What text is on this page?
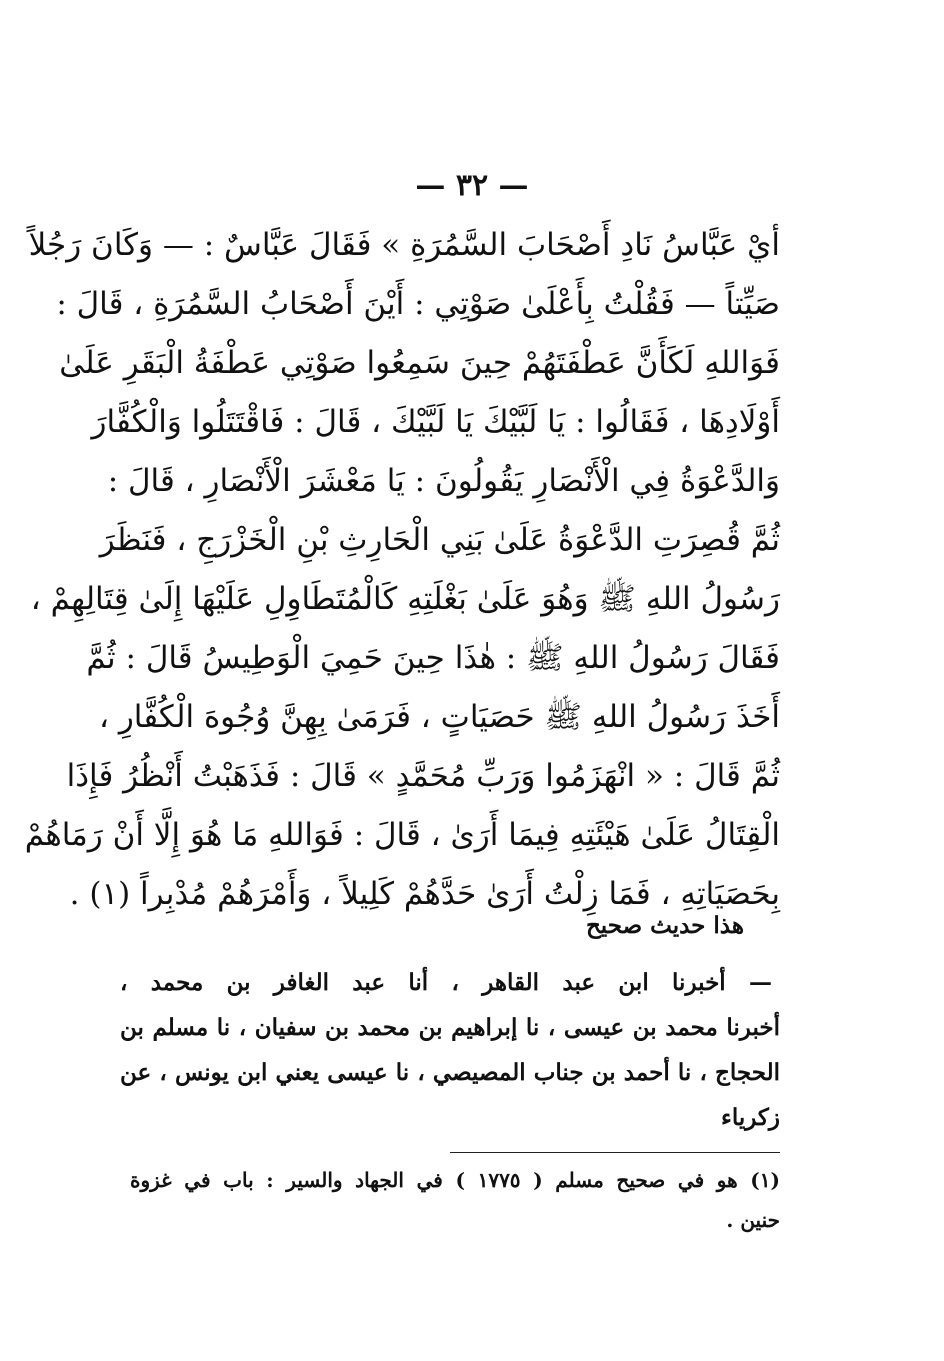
— ٣٢ —
أيْ عَبَّاسُ نَادِ أَصْحَابَ السَّمُرَةِ » فَقَالَ عَبَّاسٌ : — وَكَانَ رَجُلاً
صَيِّتاً — فَقُلْتُ بِأَعْلَىٰ صَوْتِي : أَيْنَ أَصْحَابُ السَّمُرَةِ ، قَالَ :
فَوَاللهِ لَكَأَنَّ عَطْفَتَهُمْ حِينَ سَمِعُوا صَوْتِي عَطْفَةُ الْبَقَرِ عَلَىٰ
أَوْلَادِهَا ، فَقَالُوا : يَا لَبَّيْكَ يَا لَبَّيْكَ ، قَالَ : فَاقْتَتَلُوا وَالْكُفَّارَ
وَالدَّعْوَةُ فِي الْأَنْصَارِ يَقُولُونَ : يَا مَعْشَرَ الْأَنْصَارِ ، قَالَ :
ثُمَّ قُصِرَتِ الدَّعْوَةُ عَلَىٰ بَنِي الْحَارِثِ بْنِ الْخَزْرَجِ ، فَنَظَرَ
رَسُولُ اللهِ ﷺ وَهُوَ عَلَىٰ بَغْلَتِهِ كَالْمُتَطَاوِلِ عَلَيْهَا إِلَىٰ قِتَالِهِمْ ،
فَقَالَ رَسُولُ اللهِ ﷺ : هٰذَا حِينَ حَمِيَ الْوَطِيسُ قَالَ : ثُمَّ
أَخَذَ رَسُولُ اللهِ ﷺ حَصَيَاتٍ ، فَرَمَىٰ بِهِنَّ وُجُوهَ الْكُفَّارِ ،
ثُمَّ قَالَ : « انْهَزَمُوا وَرَبِّ مُحَمَّدٍ » قَالَ : فَذَهَبْتُ أَنْظُرُ فَإِذَا
الْقِتَالُ عَلَىٰ هَيْئَتِهِ فِيمَا أَرَىٰ ، قَالَ : فَوَاللهِ مَا هُوَ إِلَّا أَنْ رَمَاهُمْ
بِحَصَيَاتِهِ ، فَمَا زِلْتُ أَرَىٰ حَدَّهُمْ كَلِيلاً ، وَأَمْرَهُمْ مُدْبِراً (١) .
هذا حديث صحيح
— أخبرنا ابن عبد القاهر ، أنا عبد الغافر بن محمد ،
أخبرنا محمد بن عيسى ، نا إبراهيم بن محمد بن سفيان ، نا مسلم بن
الحجاج ، نا أحمد بن جناب المصيصي ، نا عيسى يعني ابن يونس ، عن
زكرياء
(١) هو في صحيح مسلم ( ١٧٧٥ ) في الجهاد والسير : باب في غزوة
حنين .
